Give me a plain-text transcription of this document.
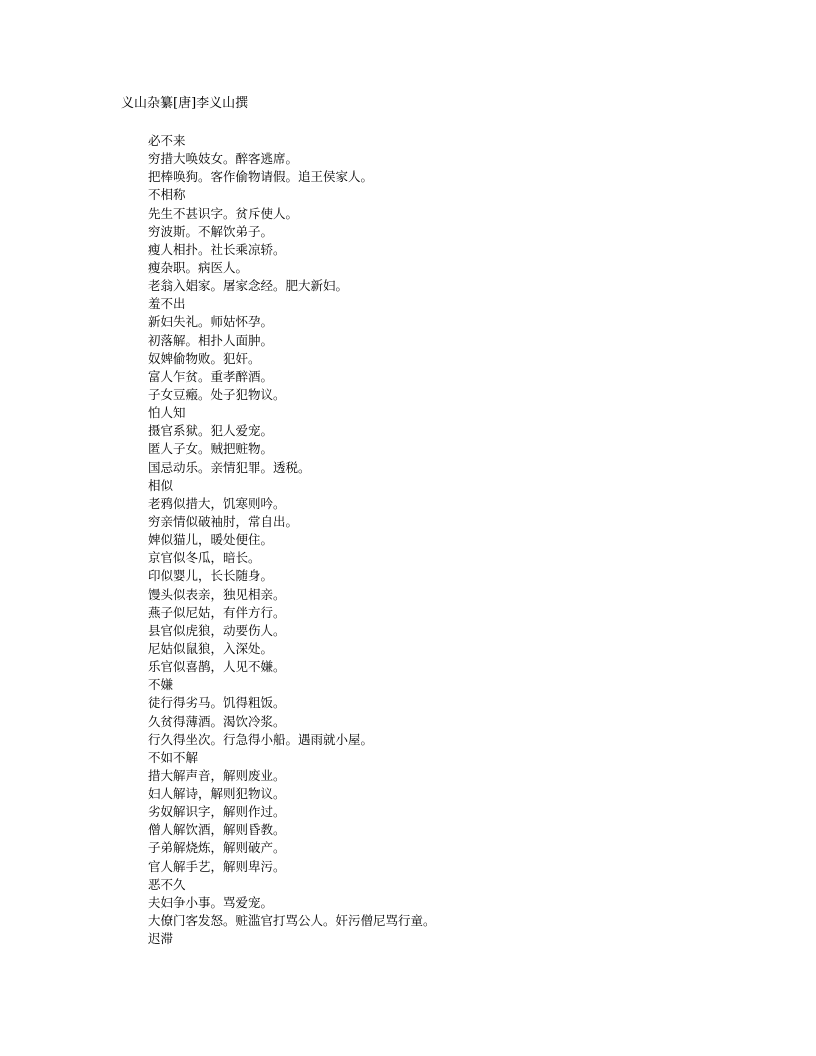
义山杂纂[唐]李义山撰
必不来
穷措大唤妓女。醉客逃席。
把棒唤狗。客作偷物请假。追王侯家人。
不相称
先生不甚识字。贫斥使人。
穷波斯。不解饮弟子。
瘦人相扑。社长乘凉轿。
瘦杂职。病医人。
老翁入娼家。屠家念经。肥大新妇。
羞不出
新妇失礼。师姑怀孕。
初落解。相扑人面肿。
奴婢偷物败。犯奸。
富人乍贫。重孝醉酒。
子女豆瘢。处子犯物议。
怕人知
摄官系狱。犯人爱宠。
匿人子女。贼把赃物。
国忌动乐。亲情犯罪。透税。
相似
老鸦似措大，饥寒则吟。
穷亲情似破袖肘，常自出。
婢似猫儿，暖处便住。
京官似冬瓜，暗长。
印似婴儿，长长随身。
馒头似表亲，独见相亲。
燕子似尼姑，有伴方行。
县官似虎狼，动要伤人。
尼姑似鼠狼，入深处。
乐官似喜鹊，人见不嫌。
不嫌
徒行得劣马。饥得粗饭。
久贫得薄酒。渴饮冷浆。
行久得坐次。行急得小船。遇雨就小屋。
不如不解
措大解声音，解则废业。
妇人解诗，解则犯物议。
劣奴解识字，解则作过。
僧人解饮酒，解则昏教。
子弟解烧炼，解则破产。
官人解手艺，解则卑污。
恶不久
夫妇争小事。骂爱宠。
大僚门客发怒。赃滥官打骂公人。奸污僧尼骂行童。
迟滞
